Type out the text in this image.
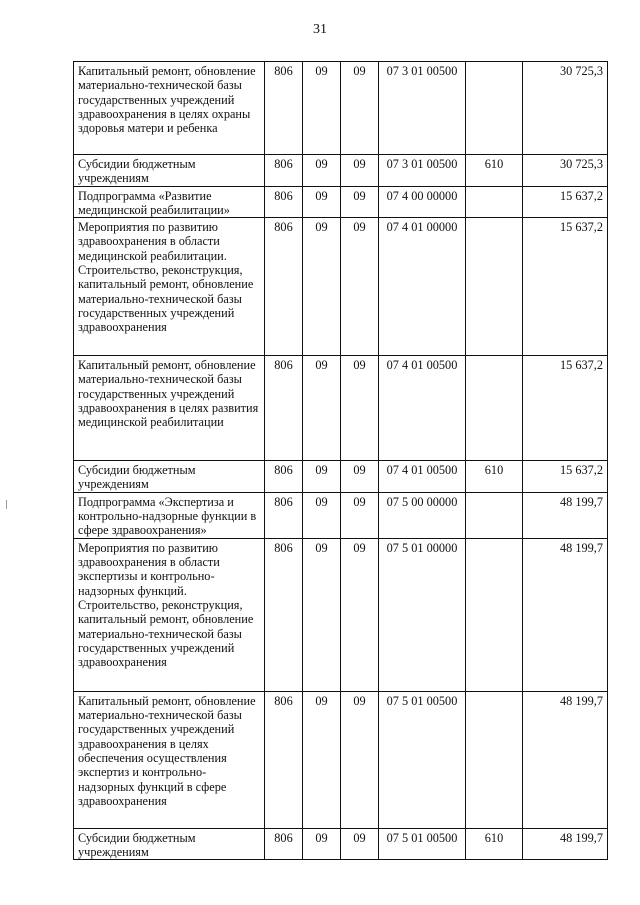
31
Капитальный ремонт, обновление материально-технической базы государственных учреждений здравоохранения в целях охраны здоровья матери и ребенка	806	09	09	07 3 01 00500		30 725,3
Субсидии бюджетным учреждениям	806	09	09	07 3 01 00500	610	30 725,3
Подпрограмма «Развитие медицинской реабилитации»	806	09	09	07 4 00 00000		15 637,2
Мероприятия по развитию здравоохранения в области медицинской реабилитации. Строительство, реконструкция, капитальный ремонт, обновление материально-технической базы государственных учреждений здравоохранения	806	09	09	07 4 01 00000		15 637,2
Капитальный ремонт, обновление материально-технической базы государственных учреждений здравоохранения в целях развития медицинской реабилитации	806	09	09	07 4 01 00500		15 637,2
Субсидии бюджетным учреждениям	806	09	09	07 4 01 00500	610	15 637,2
Подпрограмма «Экспертиза и контрольно-надзорные функции в сфере здравоохранения»	806	09	09	07 5 00 00000		48 199,7
Мероприятия по развитию здравоохранения в области экспертизы и контрольно-надзорных функций. Строительство, реконструкция, капитальный ремонт, обновление материально-технической базы государственных учреждений здравоохранения	806	09	09	07 5 01 00000		48 199,7
Капитальный ремонт, обновление материально-технической базы государственных учреждений здравоохранения в целях обеспечения осуществления экспертиз и контрольно-надзорных функций в сфере здравоохранения	806	09	09	07 5 01 00500		48 199,7
Субсидии бюджетным учреждениям	806	09	09	07 5 01 00500	610	48 199,7
